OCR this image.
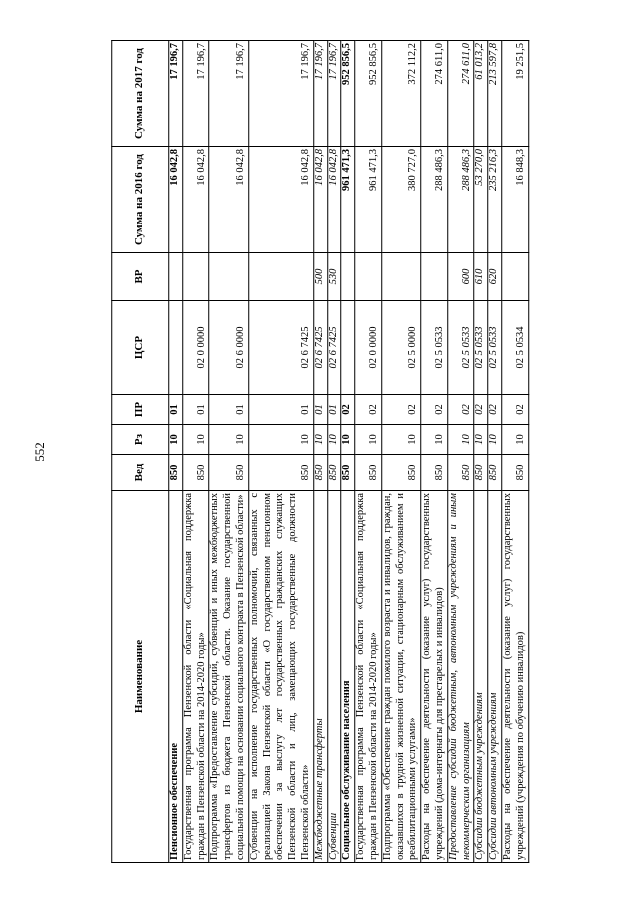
552
Наименование	Вед	Рз	ПР	ЦСР	ВР	Сумма на 2016 год	Сумма на 2017 год
Пенсионное обеспечение	850	10	01			16 042,8	17 196,7
Государственная программа Пензенской области «Социальная поддержка граждан в Пензенской области на 2014-2020 годы»	850	10	01	02 0 0000		16 042,8	17 196,7
Подпрограмма «Предоставление субсидий, субвенций и иных межбюджетных трансфертов из бюджета Пензенской области. Оказание государственной социальной помощи на основании социального контракта в Пензенской области»	850	10	01	02 6 0000		16 042,8	17 196,7
Субвенции на исполнение государственных полномочий, связанных с реализацией Закона Пензенской области «О государственном пенсионном обеспечении за выслугу лет государственных гражданских служащих Пензенской области и лиц, замещающих государственные должности Пензенской области»	850	10	01	02 6 7425		16 042,8	17 196,7
Межбюджетные трансферты	850	10	01	02 6 7425	500	16 042,8	17 196,7
Субвенции	850	10	01	02 6 7425	530	16 042,8	17 196,7
Социальное обслуживание населения	850	10	02			961 471,3	952 856,5
Государственная программа Пензенской области «Социальная поддержка граждан в Пензенской области на 2014-2020 годы»	850	10	02	02 0 0000		961 471,3	952 856,5
Подпрограмма «Обеспечение граждан пожилого возраста и инвалидов, граждан, оказавшихся в трудной жизненной ситуации, стационарным обслуживанием и реабилитационными услугами»	850	10	02	02 5 0000		380 727,0	372 112,2
Расходы на обеспечение деятельности (оказание услуг) государственных учреждений (дома-интернаты для престарелых и инвалидов)	850	10	02	02 5 0533		288 486,3	274 611,0
Предоставление субсидий бюджетным, автономным учреждениям и иным некоммерческим организациям	850	10	02	02 5 0533	600	288 486,3	274 611,0
Субсидии бюджетным учреждениям	850	10	02	02 5 0533	610	53 270,0	61 013,2
Субсидии автономным учреждениям	850	10	02	02 5 0533	620	235 216,3	213 597,8
Расходы на обеспечение деятельности (оказание услуг) государственных учреждений (учреждения по обучению инвалидов)	850	10	02	02 5 0534		16 848,3	19 251,5
